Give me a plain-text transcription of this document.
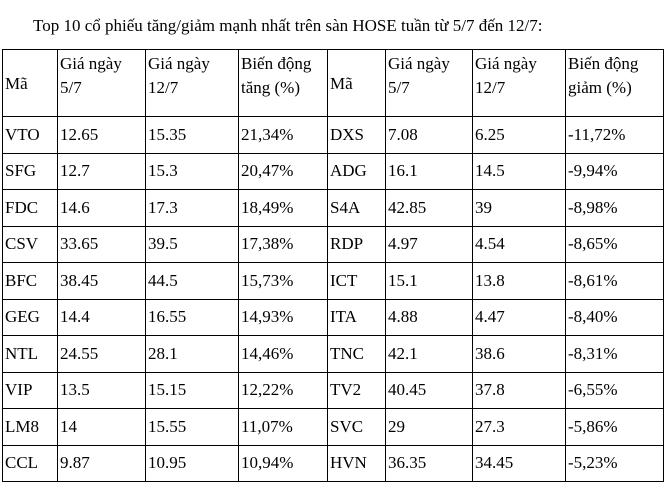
Top 10 cổ phiếu tăng/giảm mạnh nhất trên sàn HOSE tuần từ 5/7 đến 12/7:
Mã	Giá ngày 5/7	Giá ngày 12/7	Biến động tăng (%)	Mã	Giá ngày 5/7	Giá ngày 12/7	Biến động giảm (%)
VTO	12.65	15.35	21,34%	DXS	7.08	6.25	-11,72%
SFG	12.7	15.3	20,47%	ADG	16.1	14.5	-9,94%
FDC	14.6	17.3	18,49%	S4A	42.85	39	-8,98%
CSV	33.65	39.5	17,38%	RDP	4.97	4.54	-8,65%
BFC	38.45	44.5	15,73%	ICT	15.1	13.8	-8,61%
GEG	14.4	16.55	14,93%	ITA	4.88	4.47	-8,40%
NTL	24.55	28.1	14,46%	TNC	42.1	38.6	-8,31%
VIP	13.5	15.15	12,22%	TV2	40.45	37.8	-6,55%
LM8	14	15.55	11,07%	SVC	29	27.3	-5,86%
CCL	9.87	10.95	10,94%	HVN	36.35	34.45	-5,23%
